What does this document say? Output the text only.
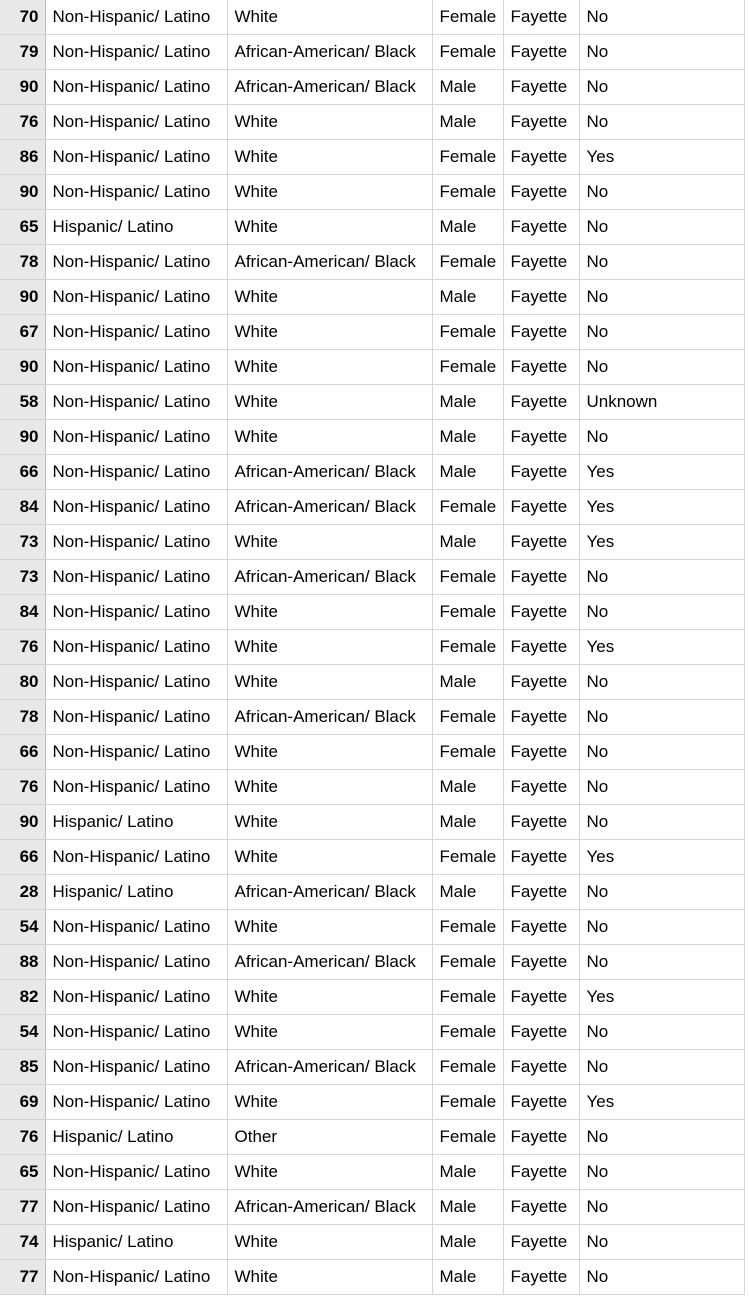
70	Non-Hispanic/ Latino	White	Female	Fayette	No
79	Non-Hispanic/ Latino	African-American/ Black	Female	Fayette	No
90	Non-Hispanic/ Latino	African-American/ Black	Male	Fayette	No
76	Non-Hispanic/ Latino	White	Male	Fayette	No
86	Non-Hispanic/ Latino	White	Female	Fayette	Yes
90	Non-Hispanic/ Latino	White	Female	Fayette	No
65	Hispanic/ Latino	White	Male	Fayette	No
78	Non-Hispanic/ Latino	African-American/ Black	Female	Fayette	No
90	Non-Hispanic/ Latino	White	Male	Fayette	No
67	Non-Hispanic/ Latino	White	Female	Fayette	No
90	Non-Hispanic/ Latino	White	Female	Fayette	No
58	Non-Hispanic/ Latino	White	Male	Fayette	Unknown
90	Non-Hispanic/ Latino	White	Male	Fayette	No
66	Non-Hispanic/ Latino	African-American/ Black	Male	Fayette	Yes
84	Non-Hispanic/ Latino	African-American/ Black	Female	Fayette	Yes
73	Non-Hispanic/ Latino	White	Male	Fayette	Yes
73	Non-Hispanic/ Latino	African-American/ Black	Female	Fayette	No
84	Non-Hispanic/ Latino	White	Female	Fayette	No
76	Non-Hispanic/ Latino	White	Female	Fayette	Yes
80	Non-Hispanic/ Latino	White	Male	Fayette	No
78	Non-Hispanic/ Latino	African-American/ Black	Female	Fayette	No
66	Non-Hispanic/ Latino	White	Female	Fayette	No
76	Non-Hispanic/ Latino	White	Male	Fayette	No
90	Hispanic/ Latino	White	Male	Fayette	No
66	Non-Hispanic/ Latino	White	Female	Fayette	Yes
28	Hispanic/ Latino	African-American/ Black	Male	Fayette	No
54	Non-Hispanic/ Latino	White	Female	Fayette	No
88	Non-Hispanic/ Latino	African-American/ Black	Female	Fayette	No
82	Non-Hispanic/ Latino	White	Female	Fayette	Yes
54	Non-Hispanic/ Latino	White	Female	Fayette	No
85	Non-Hispanic/ Latino	African-American/ Black	Female	Fayette	No
69	Non-Hispanic/ Latino	White	Female	Fayette	Yes
76	Hispanic/ Latino	Other	Female	Fayette	No
65	Non-Hispanic/ Latino	White	Male	Fayette	No
77	Non-Hispanic/ Latino	African-American/ Black	Male	Fayette	No
74	Hispanic/ Latino	White	Male	Fayette	No
77	Non-Hispanic/ Latino	White	Male	Fayette	No
